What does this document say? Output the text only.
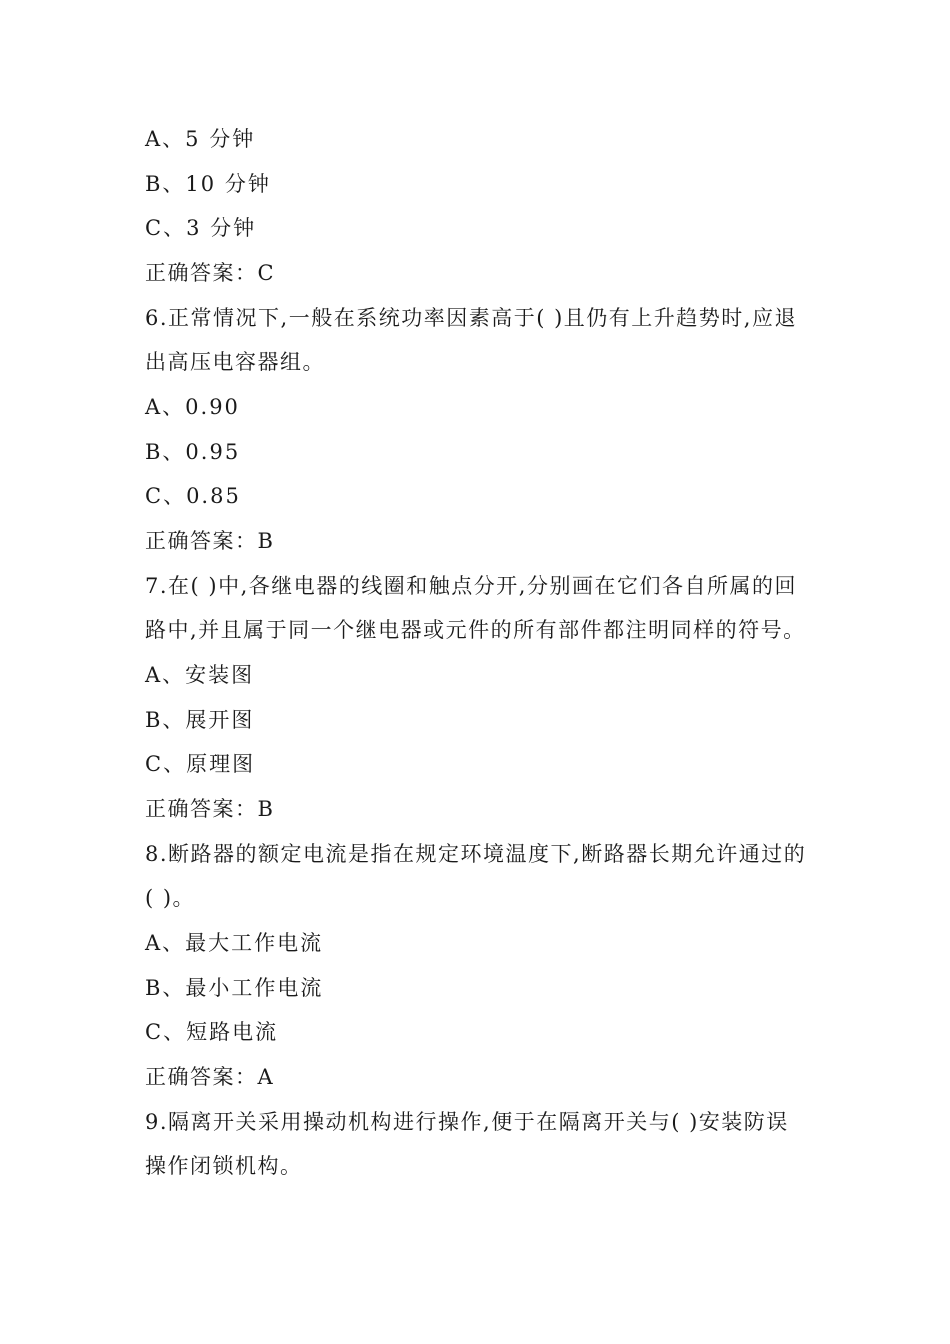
A、5 分钟
B、10 分钟
C、3 分钟
正确答案：C
6.正常情况下,一般在系统功率因素高于( )且仍有上升趋势时,应退
出高压电容器组。
A、0.90
B、0.95
C、0.85
正确答案：B
7.在( )中,各继电器的线圈和触点分开,分别画在它们各自所属的回
路中,并且属于同一个继电器或元件的所有部件都注明同样的符号。
A、安装图
B、展开图
C、原理图
正确答案：B
8.断路器的额定电流是指在规定环境温度下,断路器长期允许通过的
( )。
A、最大工作电流
B、最小工作电流
C、短路电流
正确答案：A
9.隔离开关采用操动机构进行操作,便于在隔离开关与( )安装防误
操作闭锁机构。
